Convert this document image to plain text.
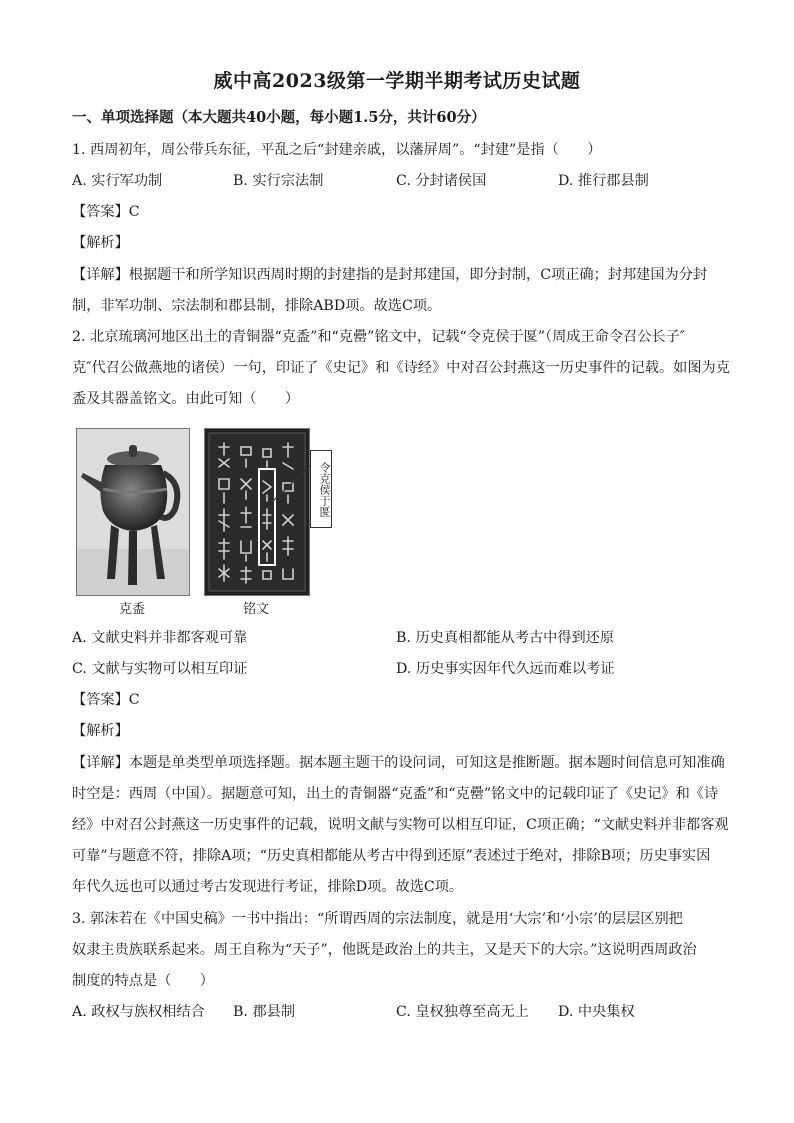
威中高2023级第一学期半期考试历史试题
一、单项选择题（本大题共40小题，每小题1.5分，共计60分）
1. 西周初年，周公带兵东征，平乱之后“封建亲戚，以藩屏周”。“封建”是指（　　）
A. 实行军功制	B. 实行宗法制	C. 分封诸侯国	D. 推行郡县制
【答案】C
【解析】
【详解】根据题干和所学知识西周时期的封建指的是封邦建国，即分封制，C项正确；封邦建国为分封
制，非军功制、宗法制和郡县制，排除ABD项。故选C项。
2. 北京琉璃河地区出土的青铜器“克盉”和“克罍”铭文中，记载“令克侯于匽”（周成王命令召公长子″
克″代召公做燕地的诸侯）一句，印证了《史记》和《诗经》中对召公封燕这一历史事件的记载。如图为克
盉及其器盖铭文。由此可知（　　）
令克侯于匽
克盉	铭文
A. 文献史料并非都客观可靠	B. 历史真相都能从考古中得到还原
C. 文献与实物可以相互印证	D. 历史事实因年代久远而难以考证
【答案】C
【解析】
【详解】本题是单类型单项选择题。据本题主题干的设问词，可知这是推断题。据本题时间信息可知准确
时空是：西周（中国）。据题意可知，出土的青铜器“克盉”和“克罍”铭文中的记载印证了《史记》和《诗
经》中对召公封燕这一历史事件的记载，说明文献与实物可以相互印证，C项正确；“文献史料并非都客观
可靠”与题意不符，排除A项；“历史真相都能从考古中得到还原”表述过于绝对，排除B项；历史事实因
年代久远也可以通过考古发现进行考证，排除D项。故选C项。
3. 郭沫若在《中国史稿》一书中指出：“所谓西周的宗法制度，就是用‘大宗’和‘小宗’的层层区别把
奴隶主贵族联系起来。周王自称为“天子”，他既是政治上的共主，又是天下的大宗。”这说明西周政治
制度的特点是（　　）
A. 政权与族权相结合 B. 郡县制	C. 皇权独尊至高无上 D. 中央集权
